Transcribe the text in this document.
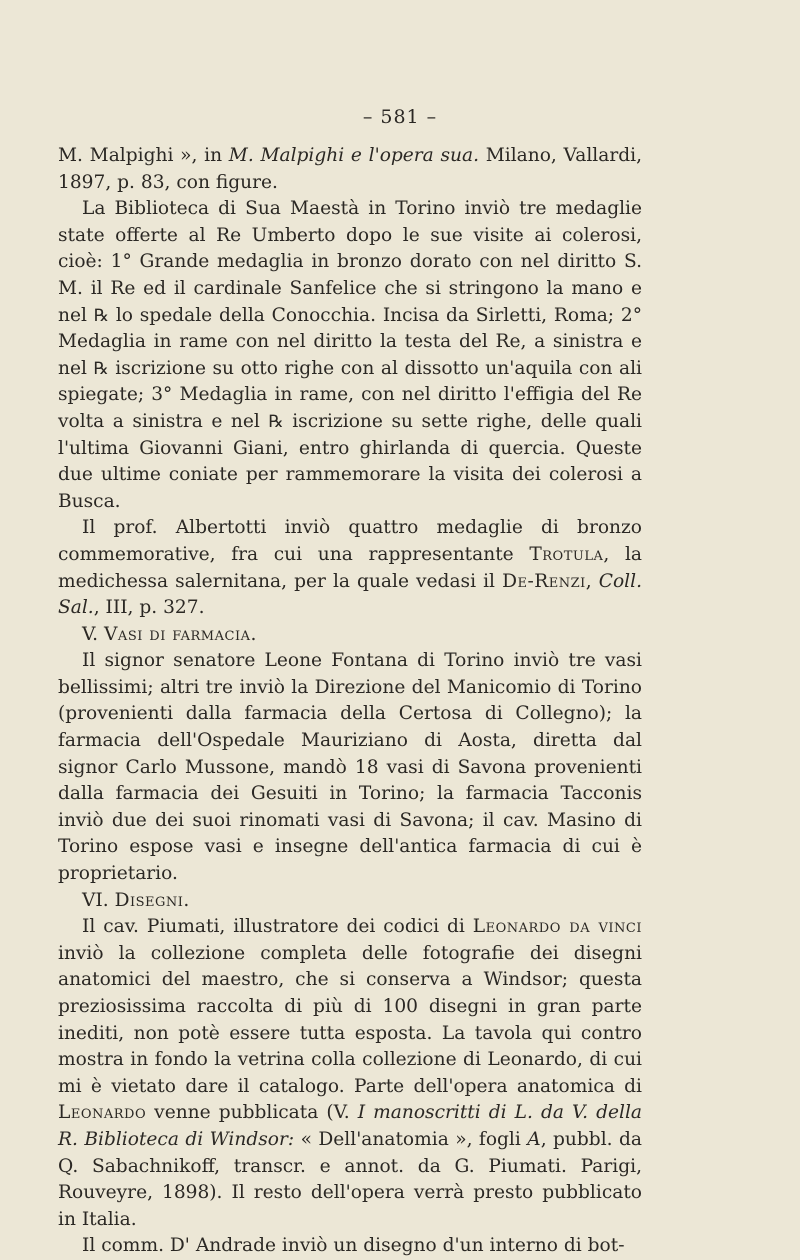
– 581 –

M. Malpighi », in M. Malpighi e l'opera sua. Milano, Vallardi, 1897, p. 83, con figure.

La Biblioteca di Sua Maestà in Torino inviò tre medaglie state offerte al Re Umberto dopo le sue visite ai colerosi, cioè: 1° Grande medaglia in bronzo dorato con nel diritto S. M. il Re ed il cardinale Sanfelice che si stringono la mano e nel ℞ lo spedale della Conocchia. Incisa da Sirletti, Roma; 2° Medaglia in rame con nel diritto la testa del Re, a sinistra e nel ℞ iscrizione su otto righe con al dissotto un'aquila con ali spiegate; 3° Medaglia in rame, con nel diritto l'effigia del Re volta a sinistra e nel ℞ iscrizione su sette righe, delle quali l'ultima Giovanni Giani, entro ghirlanda di quercia. Queste due ultime coniate per rammemorare la visita dei colerosi a Busca.

Il prof. Albertotti inviò quattro medaglie di bronzo commemorative, fra cui una rappresentante Trotula, la medichessa salernitana, per la quale vedasi il De-Renzi, Coll. Sal., III, p. 327.

V. Vasi di farmacia.

Il signor senatore Leone Fontana di Torino inviò tre vasi bellissimi; altri tre inviò la Direzione del Manicomio di Torino (provenienti dalla farmacia della Certosa di Collegno); la farmacia dell'Ospedale Mauriziano di Aosta, diretta dal signor Carlo Mussone, mandò 18 vasi di Savona provenienti dalla farmacia dei Gesuiti in Torino; la farmacia Tacconis inviò due dei suoi rinomati vasi di Savona; il cav. Masino di Torino espose vasi e insegne dell'antica farmacia di cui è proprietario.

VI. Disegni.

Il cav. Piumati, illustratore dei codici di Leonardo da vinci inviò la collezione completa delle fotografie dei disegni anatomici del maestro, che si conserva a Windsor; questa preziosissima raccolta di più di 100 disegni in gran parte inediti, non potè essere tutta esposta. La tavola qui contro mostra in fondo la vetrina colla collezione di Leonardo, di cui mi è vietato dare il catalogo. Parte dell'opera anatomica di Leonardo venne pubblicata (V. I manoscritti di L. da V. della R. Biblioteca di Windsor: « Dell'anatomia », fogli A, pubbl. da Q. Sabachnikoff, transcr. e annot. da G. Piumati. Parigi, Rouveyre, 1898). Il resto dell'opera verrà presto pubblicato in Italia.

Il comm. D' Andrade inviò un disegno d'un interno di bot-
